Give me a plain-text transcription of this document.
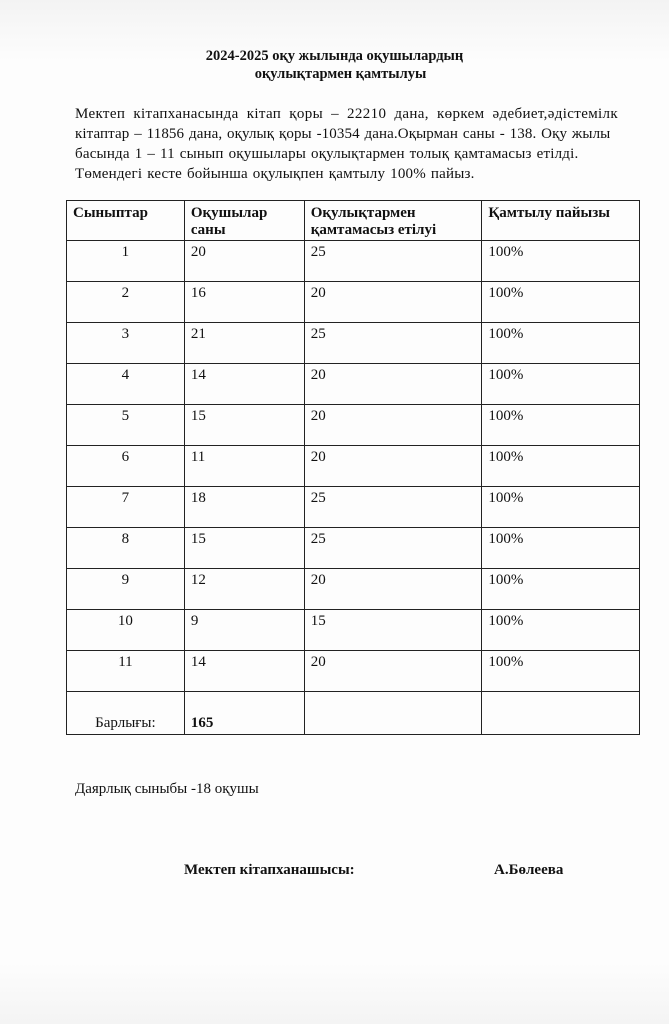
2024-2025 оқу жылында оқушылардың
оқулықтармен қамтылуы
Мектеп кітапханасында кітап қоры – 22210 дана, көркем әдебиет,әдістемілк
кітаптар – 11856 дана, оқулық қоры -10354 дана.Оқырман саны - 138. Оқу жылы
басында 1 – 11 сынып оқушылары оқулықтармен толық қамтамасыз етілді.
Төмендегі кесте бойынша оқулықпен қамтылу 100% пайыз.
Сыныптар	Оқушылар саны	Оқулықтармен қамтамасыз етілуі	Қамтылу пайызы
1	20	25	100%
2	16	20	100%
3	21	25	100%
4	14	20	100%
5	15	20	100%
6	11	20	100%
7	18	25	100%
8	15	25	100%
9	12	20	100%
10	9	15	100%
11	14	20	100%
Барлығы:	165		
Даярлық сыныбы -18 оқушы
Мектеп кітапханашысы:	А.Бөлеева
